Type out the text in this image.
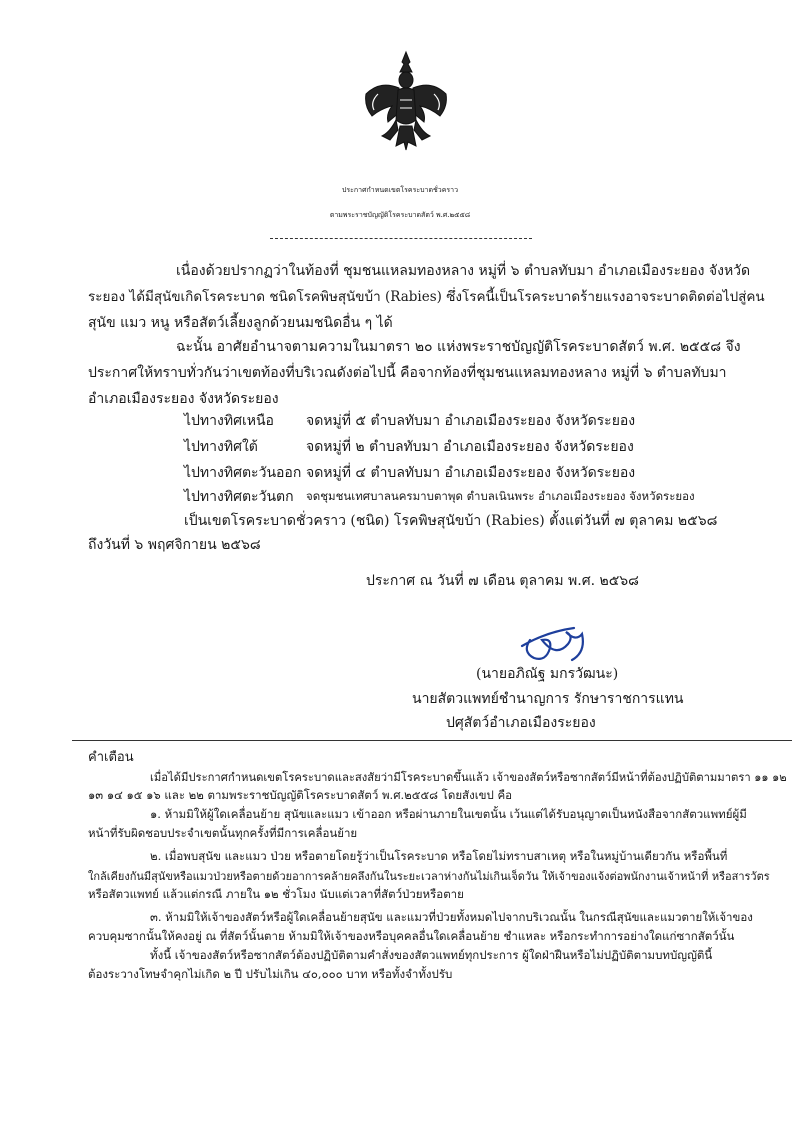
ประกาศกำหนดเขตโรคระบาดชั่วคราว
ตามพระราชบัญญัติโรคระบาดสัตว์ พ.ศ.๒๕๕๘
เนื่องด้วยปรากฏว่าในท้องที่ ชุมชนแหลมทองหลาง หมู่ที่ ๖ ตำบลทับมา อำเภอเมืองระยอง จังหวัด
ระยอง ได้มีสุนัขเกิดโรคระบาด ชนิดโรคพิษสุนัขบ้า (Rabies) ซึ่งโรคนี้เป็นโรคระบาดร้ายแรงอาจระบาดติดต่อไปสู่คน
สุนัข แมว หนู หรือสัตว์เลี้ยงลูกด้วยนมชนิดอื่น ๆ ได้
ฉะนั้น อาศัยอำนาจตามความในมาตรา ๒๐ แห่งพระราชบัญญัติโรคระบาดสัตว์ พ.ศ. ๒๕๕๘ จึง
ประกาศให้ทราบทั่วกันว่าเขตท้องที่บริเวณดังต่อไปนี้ คือจากท้องที่ชุมชนแหลมทองหลาง หมู่ที่ ๖ ตำบลทับมา
อำเภอเมืองระยอง จังหวัดระยอง
ไปทางทิศเหนือ จดหมู่ที่ ๕ ตำบลทับมา อำเภอเมืองระยอง จังหวัดระยอง
ไปทางทิศใต้	จดหมู่ที่ ๒ ตำบลทับมา อำเภอเมืองระยอง จังหวัดระยอง
ไปทางทิศตะวันออก จดหมู่ที่ ๔ ตำบลทับมา อำเภอเมืองระยอง จังหวัดระยอง
ไปทางทิศตะวันตก จดชุมชนเทศบาลนครมาบตาพุด ตำบลเนินพระ อำเภอเมืองระยอง จังหวัดระยอง
เป็นเขตโรคระบาดชั่วคราว (ชนิด) โรคพิษสุนัขบ้า (Rabies) ตั้งแต่วันที่ ๗ ตุลาคม ๒๕๖๘
ถึงวันที่ ๖ พฤศจิกายน ๒๕๖๘
ประกาศ ณ วันที่ ๗ เดือน ตุลาคม พ.ศ. ๒๕๖๘
(นายอภิณัฐ มกรวัฒนะ)
นายสัตวแพทย์ชำนาญการ รักษาราชการแทน
ปศุสัตว์อำเภอเมืองระยอง
คำเตือน
เมื่อได้มีประกาศกำหนดเขตโรคระบาดและสงสัยว่ามีโรคระบาดขึ้นแล้ว เจ้าของสัตว์หรือซากสัตว์มีหน้าที่ต้องปฏิบัติตามมาตรา ๑๑ ๑๒
๑๓ ๑๔ ๑๕ ๑๖ และ ๒๒ ตามพระราชบัญญัติโรคระบาดสัตว์ พ.ศ.๒๕๕๘ โดยสังเขป คือ
๑. ห้ามมิให้ผู้ใดเคลื่อนย้าย สุนัขและแมว เข้าออก หรือผ่านภายในเขตนั้น เว้นแต่ได้รับอนุญาตเป็นหนังสือจากสัตวแพทย์ผู้มี
หน้าที่รับผิดชอบประจำเขตนั้นทุกครั้งที่มีการเคลื่อนย้าย
๒. เมื่อพบสุนัข และแมว ป่วย หรือตายโดยรู้ว่าเป็นโรคระบาด หรือโดยไม่ทราบสาเหตุ หรือในหมู่บ้านเดียวกัน หรือพื้นที่
ใกล้เคียงกันมีสุนัขหรือแมวป่วยหรือตายด้วยอาการคล้ายคลึงกันในระยะเวลาห่างกันไม่เกินเจ็ดวัน ให้เจ้าของแจ้งต่อพนักงานเจ้าหน้าที่ หรือสารวัตร
หรือสัตวแพทย์ แล้วแต่กรณี ภายใน ๑๒ ชั่วโมง นับแต่เวลาที่สัตว์ป่วยหรือตาย
๓. ห้ามมิให้เจ้าของสัตว์หรือผู้ใดเคลื่อนย้ายสุนัข และแมวที่ป่วยทั้งหมดไปจากบริเวณนั้น ในกรณีสุนัขและแมวตายให้เจ้าของ
ควบคุมซากนั้นให้คงอยู่ ณ ที่สัตว์นั้นตาย ห้ามมิให้เจ้าของหรือบุคคลอื่นใดเคลื่อนย้าย ชำแหละ หรือกระทำการอย่างใดแก่ซากสัตว์นั้น
ทั้งนี้ เจ้าของสัตว์หรือซากสัตว์ต้องปฏิบัติตามคำสั่งของสัตวแพทย์ทุกประการ ผู้ใดฝ่าฝืนหรือไม่ปฏิบัติตามบทบัญญัตินี้
ต้องระวางโทษจำคุกไม่เกิด ๒ ปี ปรับไม่เกิน ๔๐,๐๐๐ บาท หรือทั้งจำทั้งปรับ
